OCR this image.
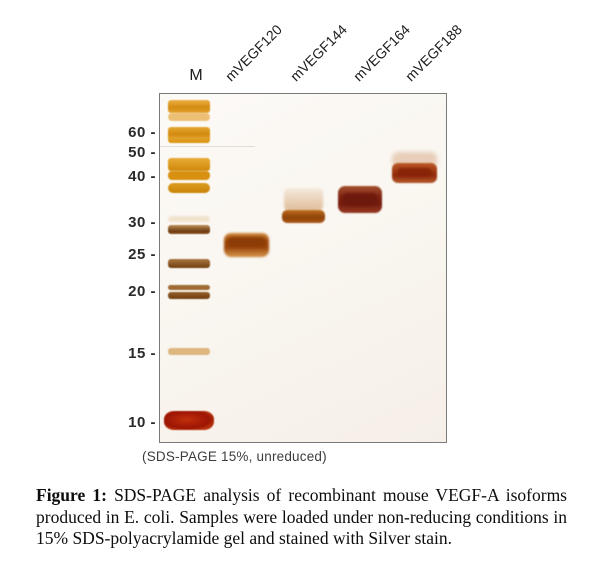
60 -
50 -
40 -
30 -
25 -
20 -
15 -
10 -
M	mVEGF120 mVEGF144 mVEGF164
mVEGF188
(SDS-PAGE 15%, unreduced)
Figure 1: SDS-PAGE analysis of recombinant mouse VEGF-A isoforms
produced in E. coli. Samples were loaded under non-reducing conditions in
15% SDS-polyacrylamide gel and stained with Silver stain.
